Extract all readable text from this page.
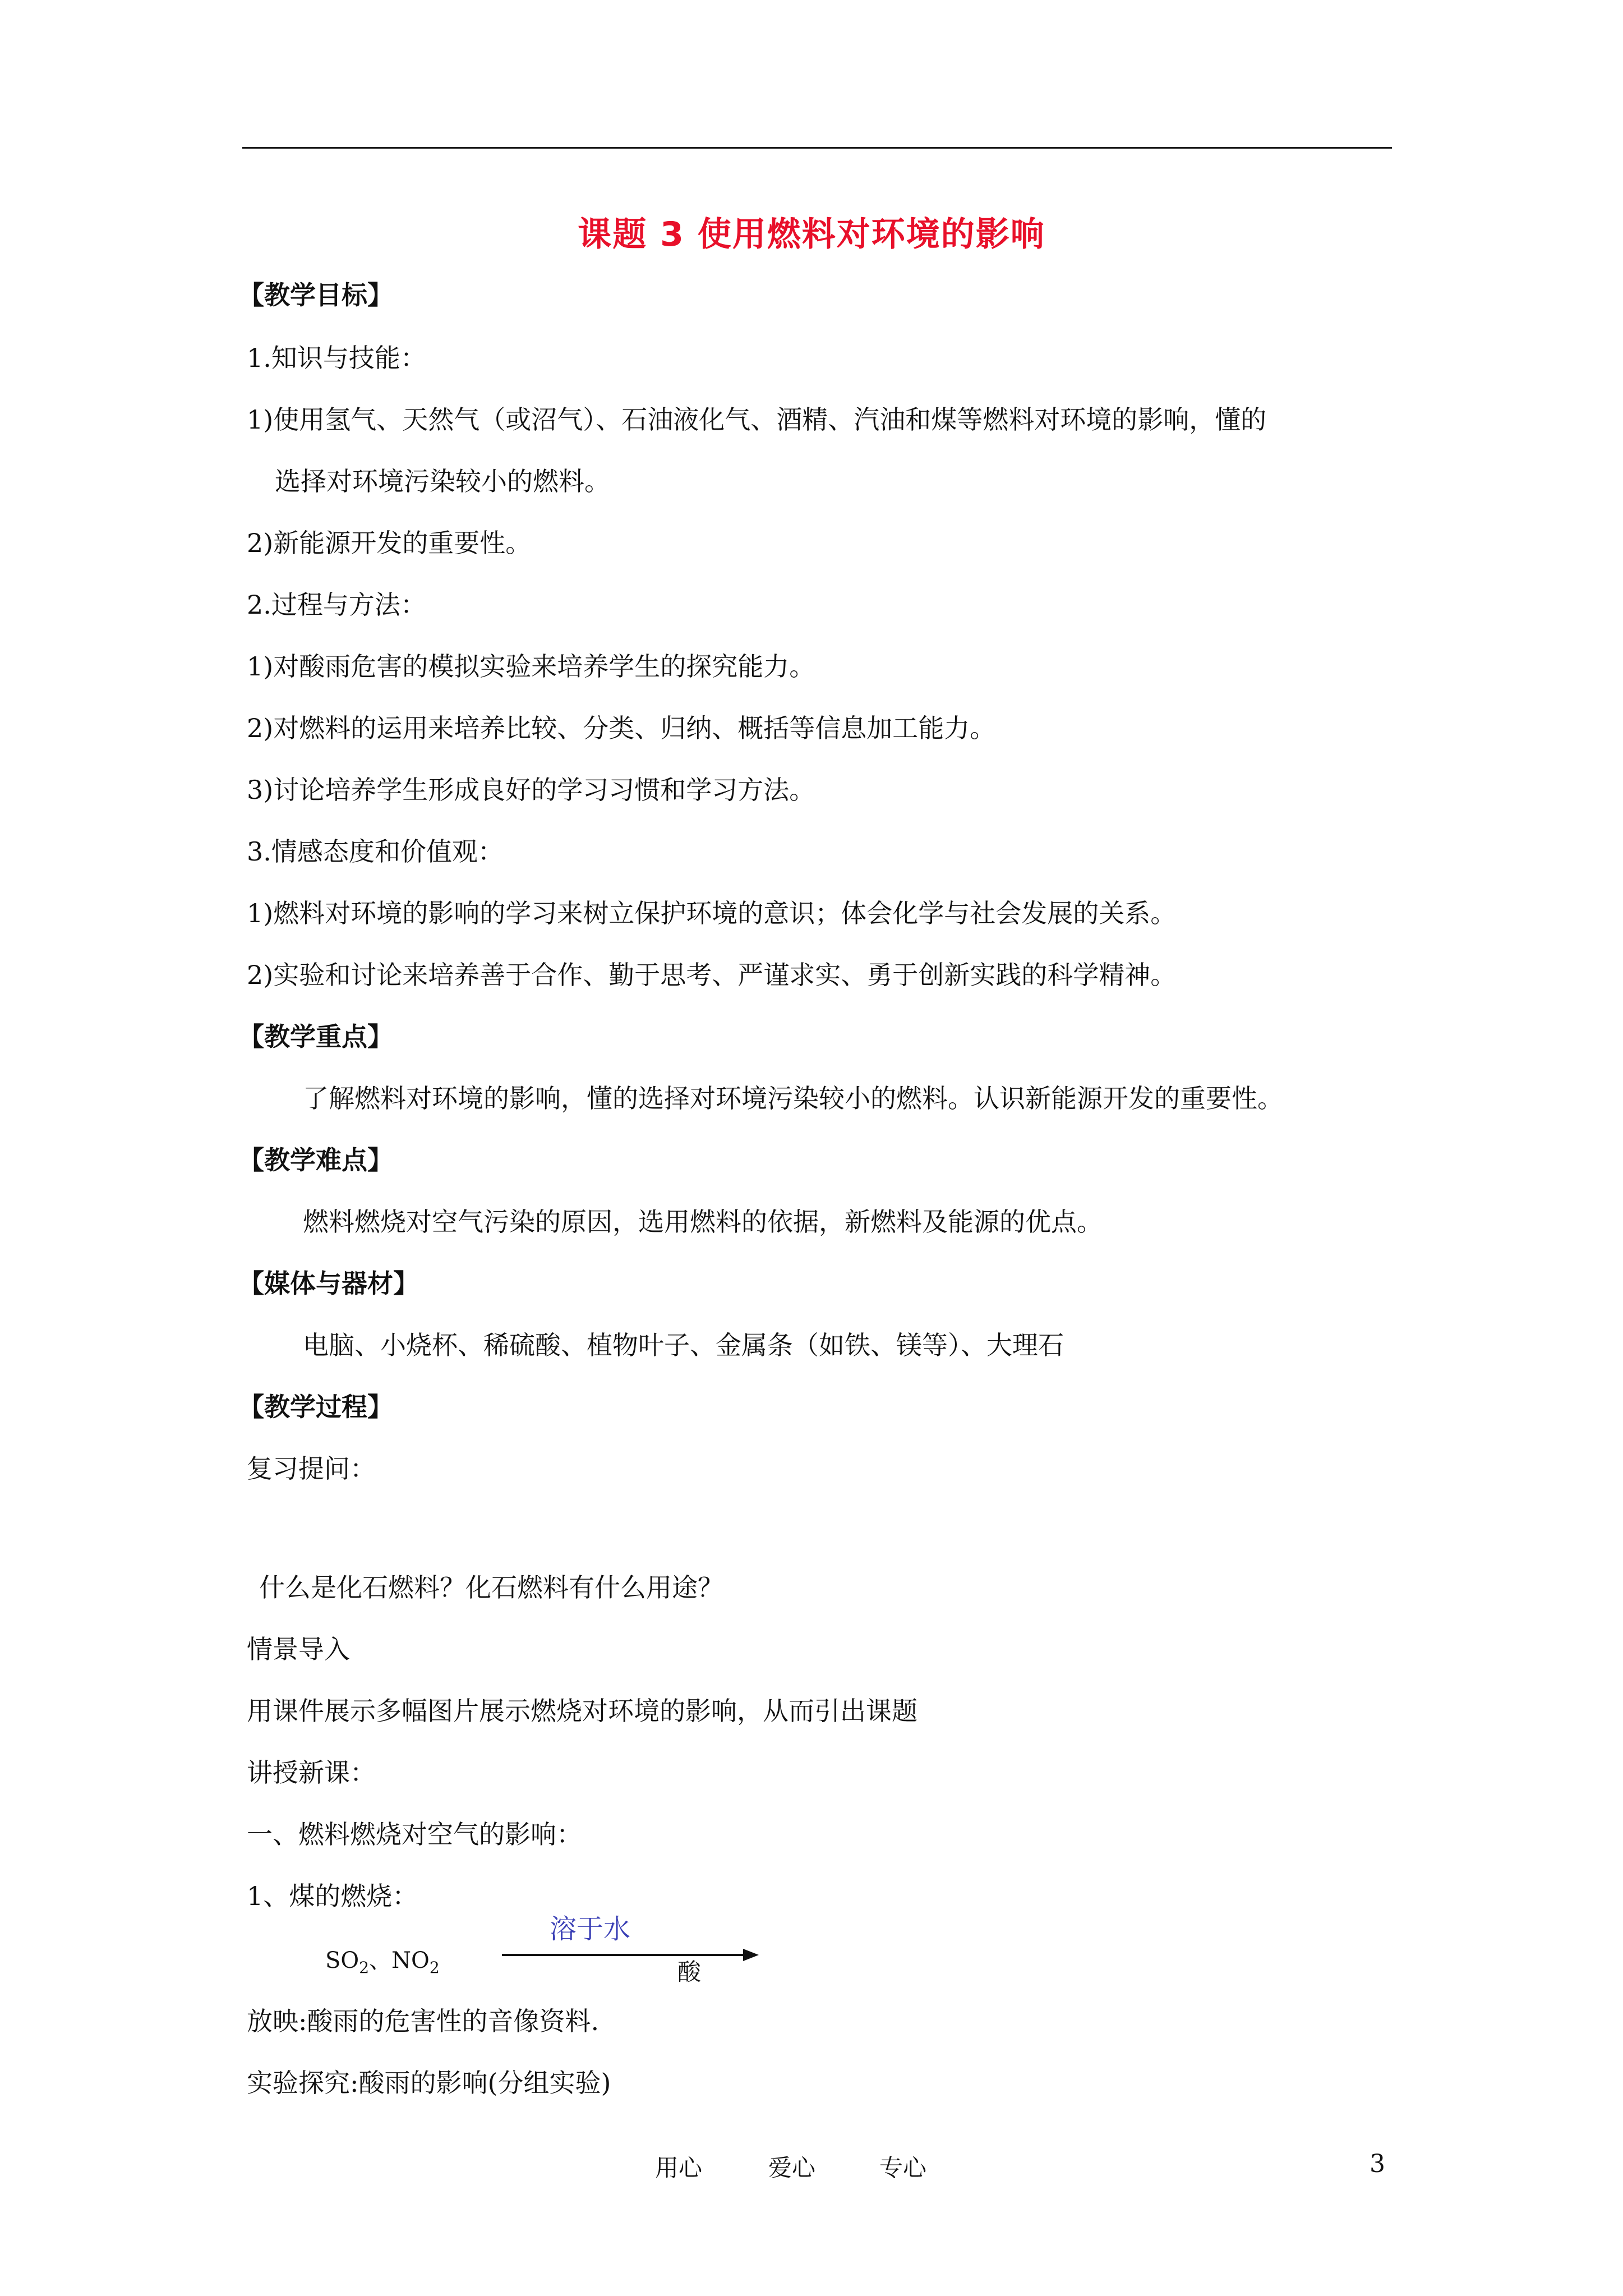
课题 3 使用燃料对环境的影响
【教学目标】
1.知识与技能：
1)使用氢气、天然气（或沼气）、石油液化气、酒精、汽油和煤等燃料对环境的影响，懂的
选择对环境污染较小的燃料。
2)新能源开发的重要性。
2.过程与方法：
1)对酸雨危害的模拟实验来培养学生的探究能力。
2)对燃料的运用来培养比较、分类、归纳、概括等信息加工能力。
3)讨论培养学生形成良好的学习习惯和学习方法。
3.情感态度和价值观：
1)燃料对环境的影响的学习来树立保护环境的意识；体会化学与社会发展的关系。
2)实验和讨论来培养善于合作、勤于思考、严谨求实、勇于创新实践的科学精神。
【教学重点】
了解燃料对环境的影响，懂的选择对环境污染较小的燃料。认识新能源开发的重要性。
【教学难点】
燃料燃烧对空气污染的原因，选用燃料的依据，新燃料及能源的优点。
【媒体与器材】
电脑、小烧杯、稀硫酸、植物叶子、金属条（如铁、镁等）、大理石
【教学过程】
复习提问：
什么是化石燃料？化石燃料有什么用途？
情景导入
用课件展示多幅图片展示燃烧对环境的影响，从而引出课题
讲授新课：
一、燃料燃烧对空气的影响：
1、煤的燃烧：
$SO_2$、$NO_2$
溶于水
酸
放映:酸雨的危害性的音像资料.
实验探究:酸雨的影响(分组实验)
用心	爱心	专心	3
